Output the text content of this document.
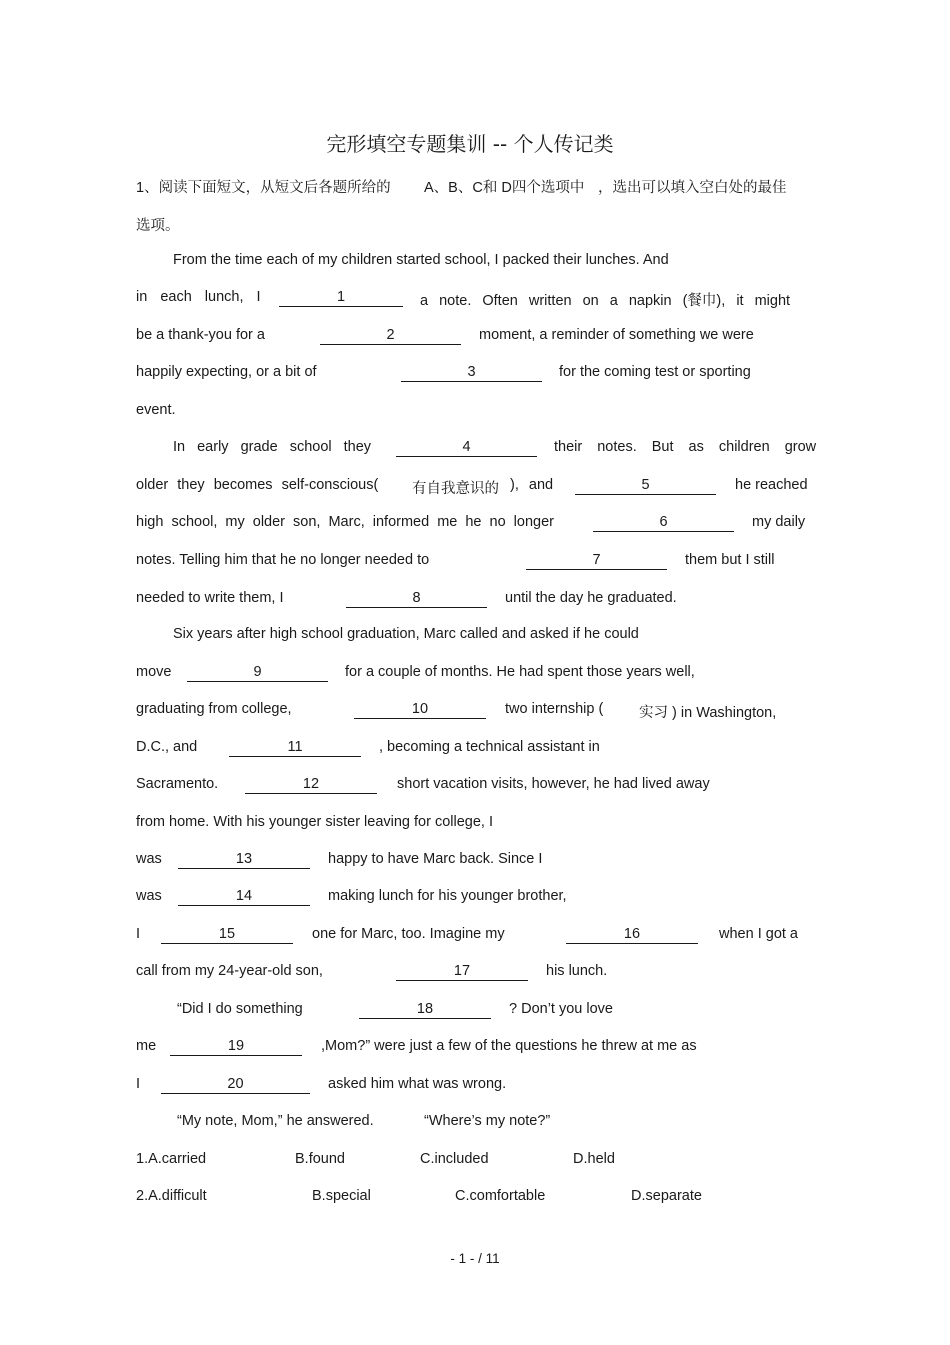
完形填空专题集训 -- 个人传记类
1、阅读下面短文，从短文后各题所给的 A、B、C和 D四个选项中 ，选出可以填入空白处的最佳
选项。
From the time each of my children started school, I packed their lunches. And
in each lunch, I	1	a note. Often written on a napkin (餐巾), it might
be a thank-you for a	2	moment, a reminder of something we were
happily expecting, or a bit of	3	for the coming test or sporting
event.
In early grade school they	4	their notes. But as children grow
older they becomes self-conscious( 有自我意识的 ), and	5	he reached
high school, my older son, Marc, informed me he no longer	6	my daily
notes. Telling him that he no longer needed to	7	them but I still
needed to write them, I	8	until the day he graduated.
Six years after high school graduation, Marc called and asked if he could
move	9	for a couple of months. He had spent those years well,
graduating from college,	10	two internship ( 实习 ) in Washington,
D.C., and	11	, becoming a technical assistant in
Sacramento.	12	short vacation visits, however, he had lived away
from home. With his younger sister leaving for college, I
was	13	happy to have Marc back. Since I
was	14	making lunch for his younger brother,
I	15	one for Marc, too. Imagine my	16	when I got a
call from my 24-year-old son,	17	his lunch.
“Did I do something	18	? Don’t you love
me	19	,Mom?” were just a few of the questions he threw at me as
I	20	asked him what was wrong.
“My note, Mom,” he answered.	“Where’s my note?”
1.A.carried	B.found	C.included	D.held
2.A.difficult	B.special	C.comfortable	D.separate
- 1 - / 11
